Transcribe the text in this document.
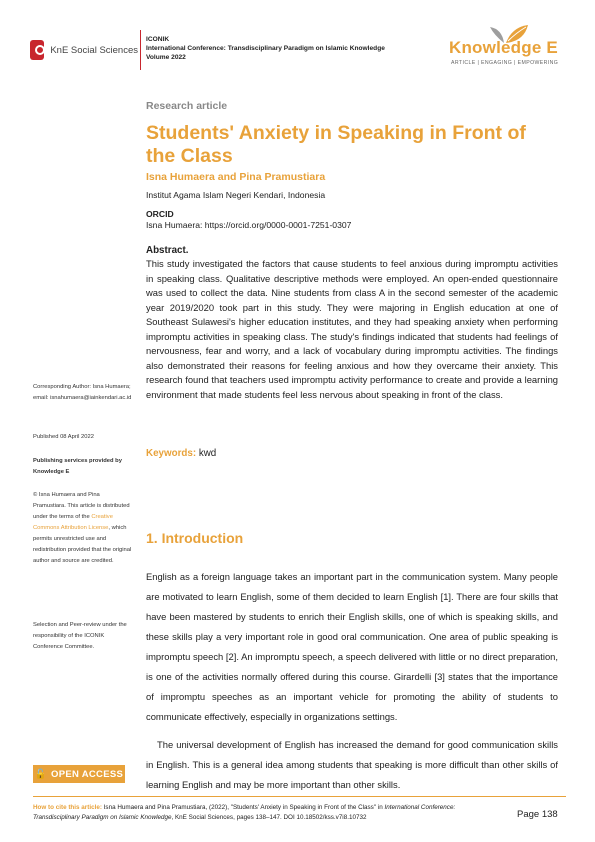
KnE Social Sciences
ICONIK
International Conference: Transdisciplinary Paradigm on Islamic Knowledge
Volume 2022
Knowledge E
ARTICLE | ENGAGING | EMPOWERING
Corresponding Author: Isna Humaera; email: isnahumaera@iainkendari.ac.id
Published 08 April 2022
Publishing services provided by Knowledge E
© Isna Humaera and Pina Pramustiara. This article is distributed under the terms of the Creative Commons Attribution License, which permits unrestricted use and redistribution provided that the original author and source are credited.
Selection and Peer-review under the responsibility of the ICONIK Conference Committee.
🔓 OPEN ACCESS
Research article
Students' Anxiety in Speaking in Front of the Class
Isna Humaera and Pina Pramustiara
Institut Agama Islam Negeri Kendari, Indonesia
ORCID
Isna Humaera: https://orcid.org/0000-0001-7251-0307
Abstract.
This study investigated the factors that cause students to feel anxious during impromptu activities in speaking class. Qualitative descriptive methods were employed. An open-ended questionnaire was used to collect the data. Nine students from class A in the second semester of the academic year 2019/2020 took part in this study. They were majoring in English education at one of Southeast Sulawesi's higher education institutes, and they had speaking anxiety when performing impromptu activities in speaking class. The study's findings indicated that students had feelings of nervousness, fear and worry, and a lack of vocabulary during impromptu activities. The findings also demonstrated their reasons for feeling anxious and how they overcame their anxiety. This research found that teachers used impromptu activity performance to create and provide a learning environment that made students feel less nervous about speaking in front of the class.
Keywords: kwd
1. Introduction
English as a foreign language takes an important part in the communication system. Many people are motivated to learn English, some of them decided to learn English [1]. There are four skills that have been mastered by students to enrich their English skills, one of which is speaking skills, and these skills play a very important role in good oral communication. One area of public speaking is impromptu speech [2]. An impromptu speech, a speech delivered with little or no direct preparation, is one of the activities normally offered during this course. Girardelli [3] states that the importance of impromptu speeches as an important vehicle for promoting the ability of students to communicate effectively, especially in organizations settings.
The universal development of English has increased the demand for good communication skills in English. This is a general idea among students that speaking is more difficult than other skills of learning English and may be more important than other skills.
How to cite this article: Isna Humaera and Pina Pramustiara, (2022), "Students' Anxiety in Speaking in Front of the Class" in International Conference: Transdisciplinary Paradigm on Islamic Knowledge, KnE Social Sciences, pages 138–147. DOI 10.18502/kss.v7i8.10732	Page 138
